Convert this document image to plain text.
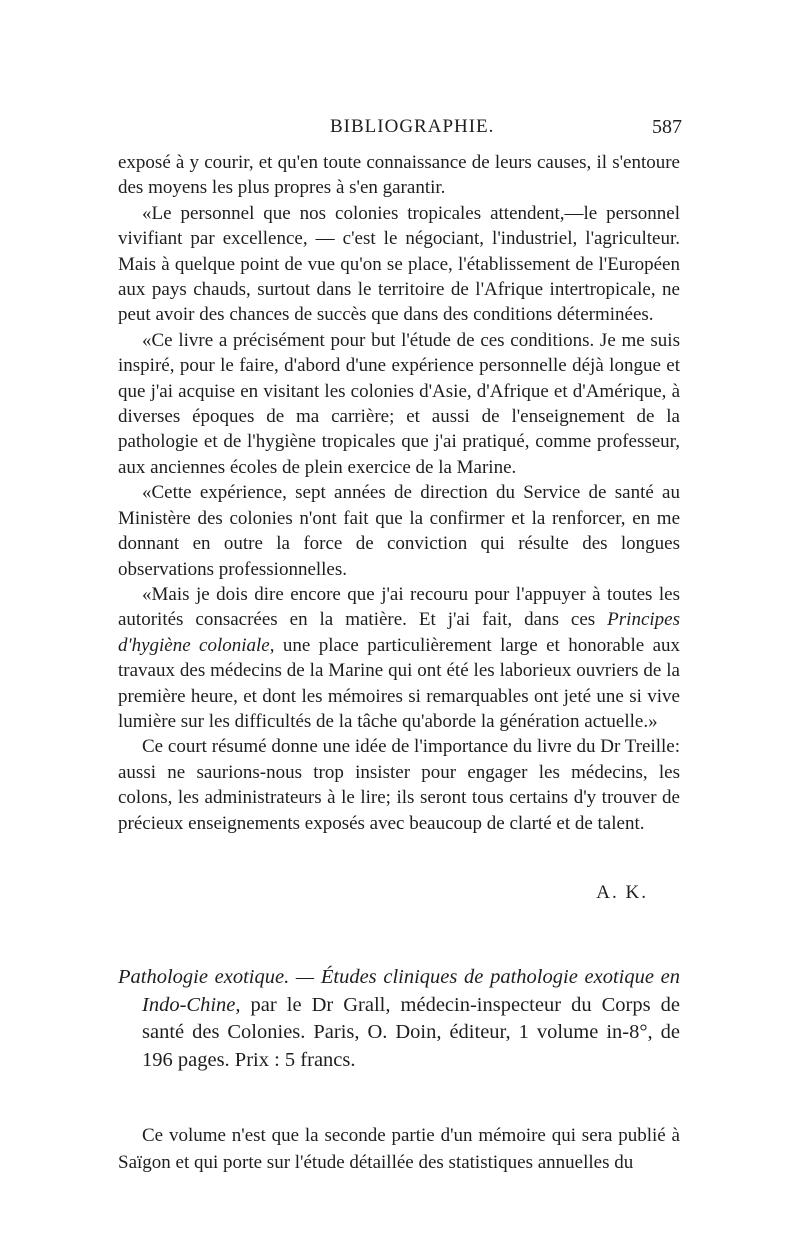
BIBLIOGRAPHIE.	587

exposé à y courir, et qu'en toute connaissance de leurs causes, il s'entoure des moyens les plus propres à s'en garantir.

«Le personnel que nos colonies tropicales attendent,—le personnel vivifiant par excellence, — c'est le négociant, l'industriel, l'agriculteur. Mais à quelque point de vue qu'on se place, l'établissement de l'Européen aux pays chauds, surtout dans le territoire de l'Afrique intertropicale, ne peut avoir des chances de succès que dans des conditions déterminées.

«Ce livre a précisément pour but l'étude de ces conditions. Je me suis inspiré, pour le faire, d'abord d'une expérience personnelle déjà longue et que j'ai acquise en visitant les colonies d'Asie, d'Afrique et d'Amérique, à diverses époques de ma carrière; et aussi de l'enseignement de la pathologie et de l'hygiène tropicales que j'ai pratiqué, comme professeur, aux anciennes écoles de plein exercice de la Marine.

«Cette expérience, sept années de direction du Service de santé au Ministère des colonies n'ont fait que la confirmer et la renforcer, en me donnant en outre la force de conviction qui résulte des longues observations professionnelles.

«Mais je dois dire encore que j'ai recouru pour l'appuyer à toutes les autorités consacrées en la matière. Et j'ai fait, dans ces Principes d'hygiène coloniale, une place particulièrement large et honorable aux travaux des médecins de la Marine qui ont été les laborieux ouvriers de la première heure, et dont les mémoires si remarquables ont jeté une si vive lumière sur les difficultés de la tâche qu'aborde la génération actuelle.»

Ce court résumé donne une idée de l'importance du livre du Dr Treille: aussi ne saurions-nous trop insister pour engager les médecins, les colons, les administrateurs à le lire; ils seront tous certains d'y trouver de précieux enseignements exposés avec beaucoup de clarté et de talent.

A. K.
Pathologie exotique. — Études cliniques de pathologie exotique en Indo-Chine, par le Dr Grall, médecin-inspecteur du Corps de santé des Colonies. Paris, O. Doin, éditeur, 1 volume in-8°, de 196 pages. Prix : 5 francs.

Ce volume n'est que la seconde partie d'un mémoire qui sera publié à Saïgon et qui porte sur l'étude détaillée des statistiques annuelles du
